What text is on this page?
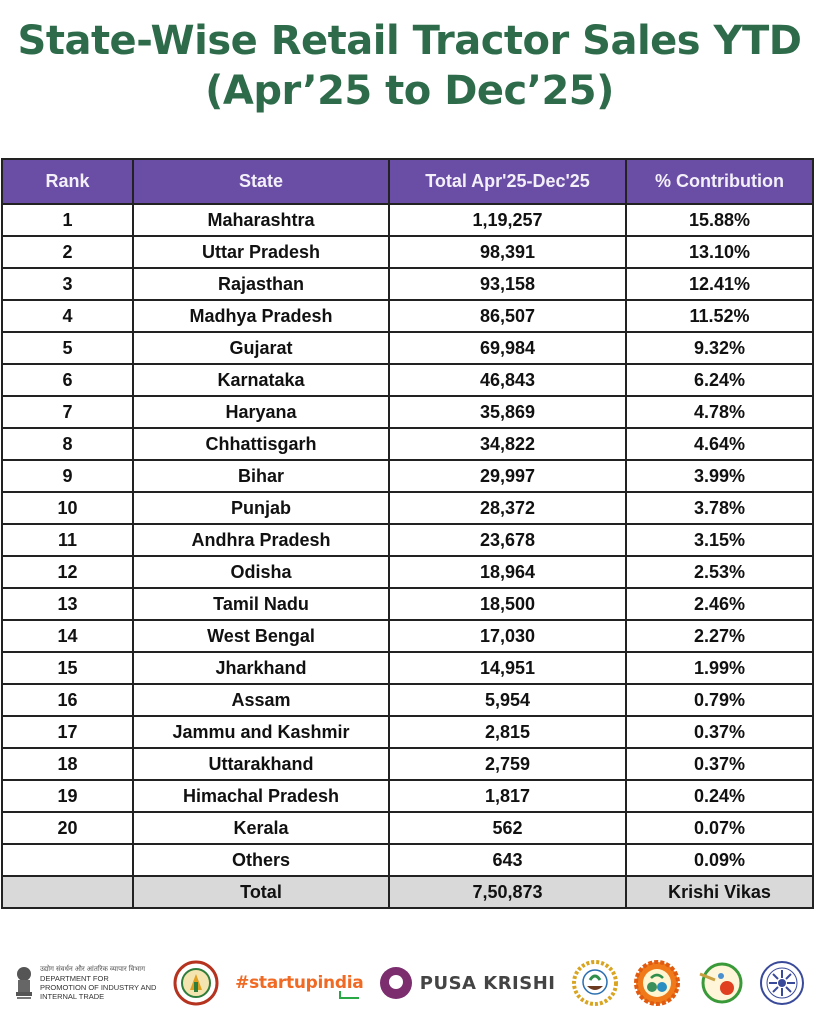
State-Wise Retail Tractor Sales YTD
(Apr’25 to Dec’25)
Rank	State	Total Apr'25-Dec'25	% Contribution
1	Maharashtra	1,19,257	15.88%
2	Uttar Pradesh	98,391	13.10%
3	Rajasthan	93,158	12.41%
4	Madhya Pradesh	86,507	11.52%
5	Gujarat	69,984	9.32%
6	Karnataka	46,843	6.24%
7	Haryana	35,869	4.78%
8	Chhattisgarh	34,822	4.64%
9	Bihar	29,997	3.99%
10	Punjab	28,372	3.78%
11	Andhra Pradesh	23,678	3.15%
12	Odisha	18,964	2.53%
13	Tamil Nadu	18,500	2.46%
14	West Bengal	17,030	2.27%
15	Jharkhand	14,951	1.99%
16	Assam	5,954	0.79%
17	Jammu and Kashmir	2,815	0.37%
18	Uttarakhand	2,759	0.37%
19	Himachal Pradesh	1,817	0.24%
20	Kerala	562	0.07%
	Others	643	0.09%
	Total	7,50,873	Krishi Vikas
उद्योग संवर्धन और आंतरिक व्यापार विभाग
DEPARTMENT FOR
PROMOTION OF INDUSTRY AND
INTERNAL TRADE
#startupindia	PUSA KRISHI
